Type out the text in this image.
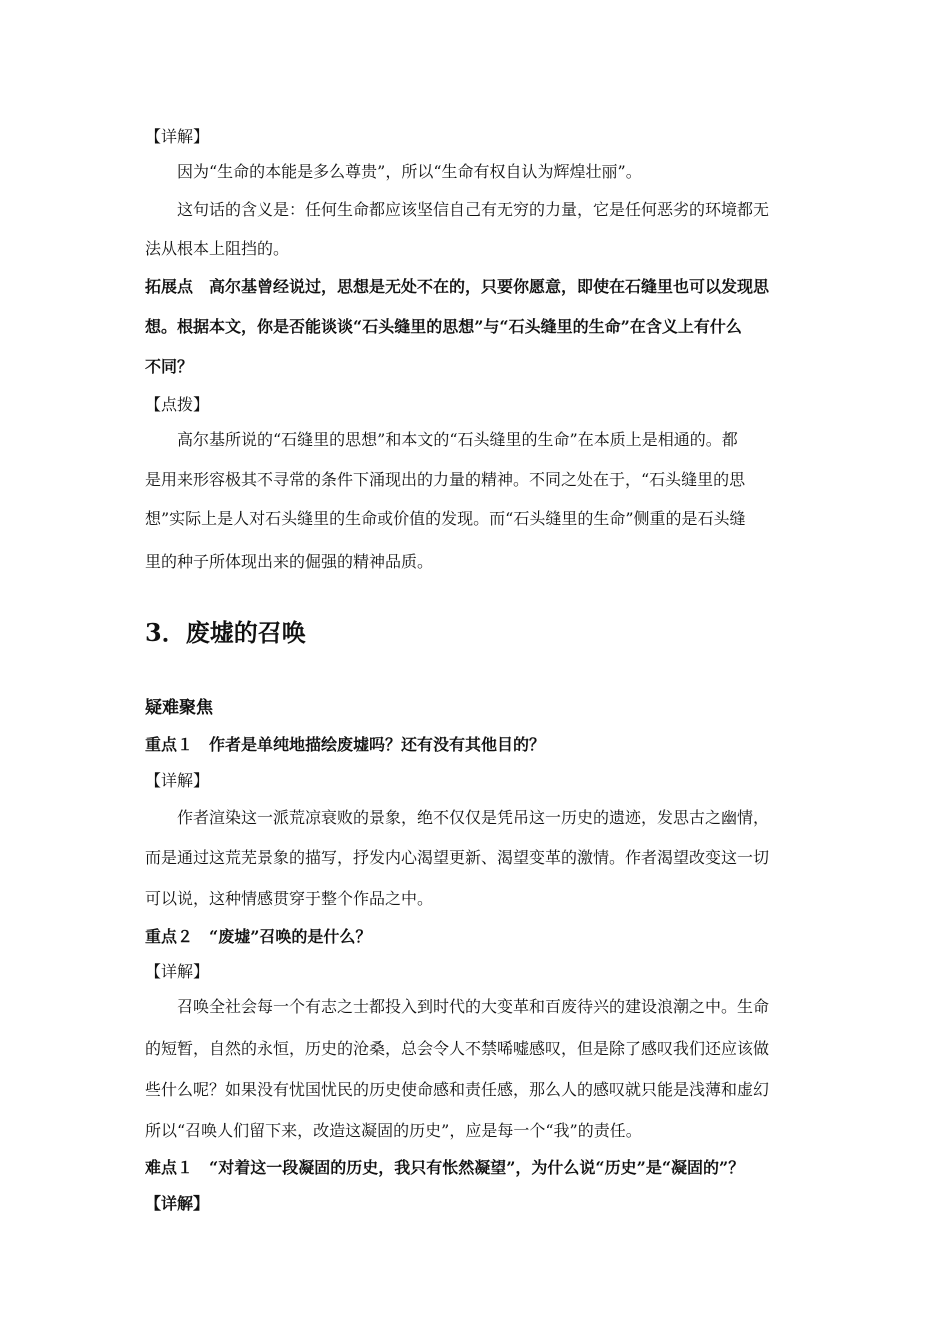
【详解】
因为“生命的本能是多么尊贵”，所以“生命有权自认为辉煌壮丽”。
这句话的含义是：任何生命都应该坚信自己有无穷的力量，它是任何恶劣的环境都无
法从根本上阻挡的。
拓展点　高尔基曾经说过，思想是无处不在的，只要你愿意，即使在石缝里也可以发现思
想。根据本文，你是否能谈谈“石头缝里的思想”与“石头缝里的生命”在含义上有什么
不同？
【点拨】
高尔基所说的“石缝里的思想”和本文的“石头缝里的生命”在本质上是相通的。都
是用来形容极其不寻常的条件下涌现出的力量的精神。不同之处在于，“石头缝里的思
想”实际上是人对石头缝里的生命或价值的发现。而“石头缝里的生命”侧重的是石头缝
里的种子所体现出来的倔强的精神品质。
3．废墟的召唤
疑难聚焦
重点１　作者是单纯地描绘废墟吗？还有没有其他目的？
【详解】
作者渲染这一派荒凉衰败的景象，绝不仅仅是凭吊这一历史的遗迹，发思古之幽情，
而是通过这荒芜景象的描写，抒发内心渴望更新、渴望变革的激情。作者渴望改变这一切
可以说，这种情感贯穿于整个作品之中。
重点２　“废墟”召唤的是什么？
【详解】
召唤全社会每一个有志之士都投入到时代的大变革和百废待兴的建设浪潮之中。生命
的短暂，自然的永恒，历史的沧桑，总会令人不禁唏嘘感叹，但是除了感叹我们还应该做
些什么呢？如果没有忧国忧民的历史使命感和责任感，那么人的感叹就只能是浅薄和虚幻
所以“召唤人们留下来，改造这凝固的历史”，应是每一个“我”的责任。
难点１　“对着这一段凝固的历史，我只有怅然凝望”，为什么说“历史”是“凝固的”？
【详解】
